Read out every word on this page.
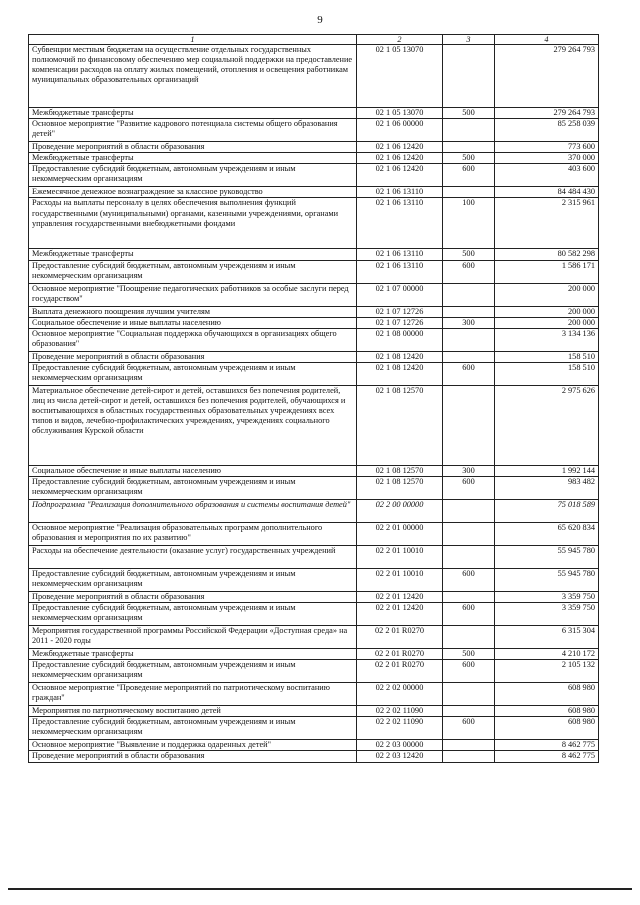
9
1	2	3	4
Субвенции местным бюджетам на осуществление отдельных государственных полномочий по финансовому обеспечению мер социальной поддержки на предоставление компенсации расходов на оплату жилых помещений, отопления и освещения работникам муниципальных образовательных организаций	02 1 05 13070		279 264 793
Межбюджетные трансферты	02 1 05 13070	500	279 264 793
Основное мероприятие "Развитие кадрового потенциала системы общего образования детей"	02 1 06 00000		85 258 039
Проведение мероприятий в области образования	02 1 06 12420		773 600
Межбюджетные трансферты	02 1 06 12420	500	370 000
Предоставление субсидий бюджетным, автономным учреждениям и иным некоммерческим организациям	02 1 06 12420	600	403 600
Ежемесячное денежное вознаграждение за классное руководство	02 1 06 13110		84 484 430
Расходы на выплаты персоналу в целях обеспечения выполнения функций государственными (муниципальными) органами, казенными учреждениями, органами управления государственными внебюджетными фондами	02 1 06 13110	100	2 315 961
Межбюджетные трансферты	02 1 06 13110	500	80 582 298
Предоставление субсидий бюджетным, автономным учреждениям и иным некоммерческим организациям	02 1 06 13110	600	1 586 171
Основное мероприятие "Поощрение педагогических работников за особые заслуги перед государством"	02 1 07 00000		200 000
Выплата денежного поощрения лучшим учителям	02 1 07 12726		200 000
Социальное обеспечение и иные выплаты населению	02 1 07 12726	300	200 000
Основное мероприятие "Социальная поддержка обучающихся в организациях общего образования"	02 1 08 00000		3 134 136
Проведение мероприятий в области образования	02 1 08 12420		158 510
Предоставление субсидий бюджетным, автономным учреждениям и иным некоммерческим организациям	02 1 08 12420	600	158 510
Материальное обеспечение детей-сирот и детей, оставшихся без попечения родителей, лиц из числа детей-сирот и детей, оставшихся без попечения родителей, обучающихся и воспитывающихся в областных государственных образовательных учреждениях всех типов и видов, лечебно-профилактических учреждениях, учреждениях социального обслуживания Курской области	02 1 08 12570		2 975 626
Социальное обеспечение и иные выплаты населению	02 1 08 12570	300	1 992 144
Предоставление субсидий бюджетным, автономным учреждениям и иным некоммерческим организациям	02 1 08 12570	600	983 482
Подпрограмма "Реализация дополнительного образования и системы воспитания детей"	02 2 00 00000		75 018 589
Основное мероприятие "Реализация образовательных программ дополнительного образования и мероприятия по их развитию"	02 2 01 00000		65 620 834
Расходы на обеспечение деятельности (оказание услуг) государственных учреждений	02 2 01 10010		55 945 780
Предоставление субсидий бюджетным, автономным учреждениям и иным некоммерческим организациям	02 2 01 10010	600	55 945 780
Проведение мероприятий в области образования	02 2 01 12420		3 359 750
Предоставление субсидий бюджетным, автономным учреждениям и иным некоммерческим организациям	02 2 01 12420	600	3 359 750
Мероприятия государственной программы Российской Федерации «Доступная среда» на 2011 - 2020 годы	02 2 01 R0270		6 315 304
Межбюджетные трансферты	02 2 01 R0270	500	4 210 172
Предоставление субсидий бюджетным, автономным учреждениям и иным некоммерческим организациям	02 2 01 R0270	600	2 105 132
Основное мероприятие "Проведение мероприятий по патриотическому воспитанию граждан"	02 2 02 00000		608 980
Мероприятия по патриотическому воспитанию детей	02 2 02 11090		608 980
Предоставление субсидий бюджетным, автономным учреждениям и иным некоммерческим организациям	02 2 02 11090	600	608 980
Основное мероприятие "Выявление и поддержка одаренных детей"	02 2 03 00000		8 462 775
Проведение мероприятий в области образования	02 2 03 12420		8 462 775
